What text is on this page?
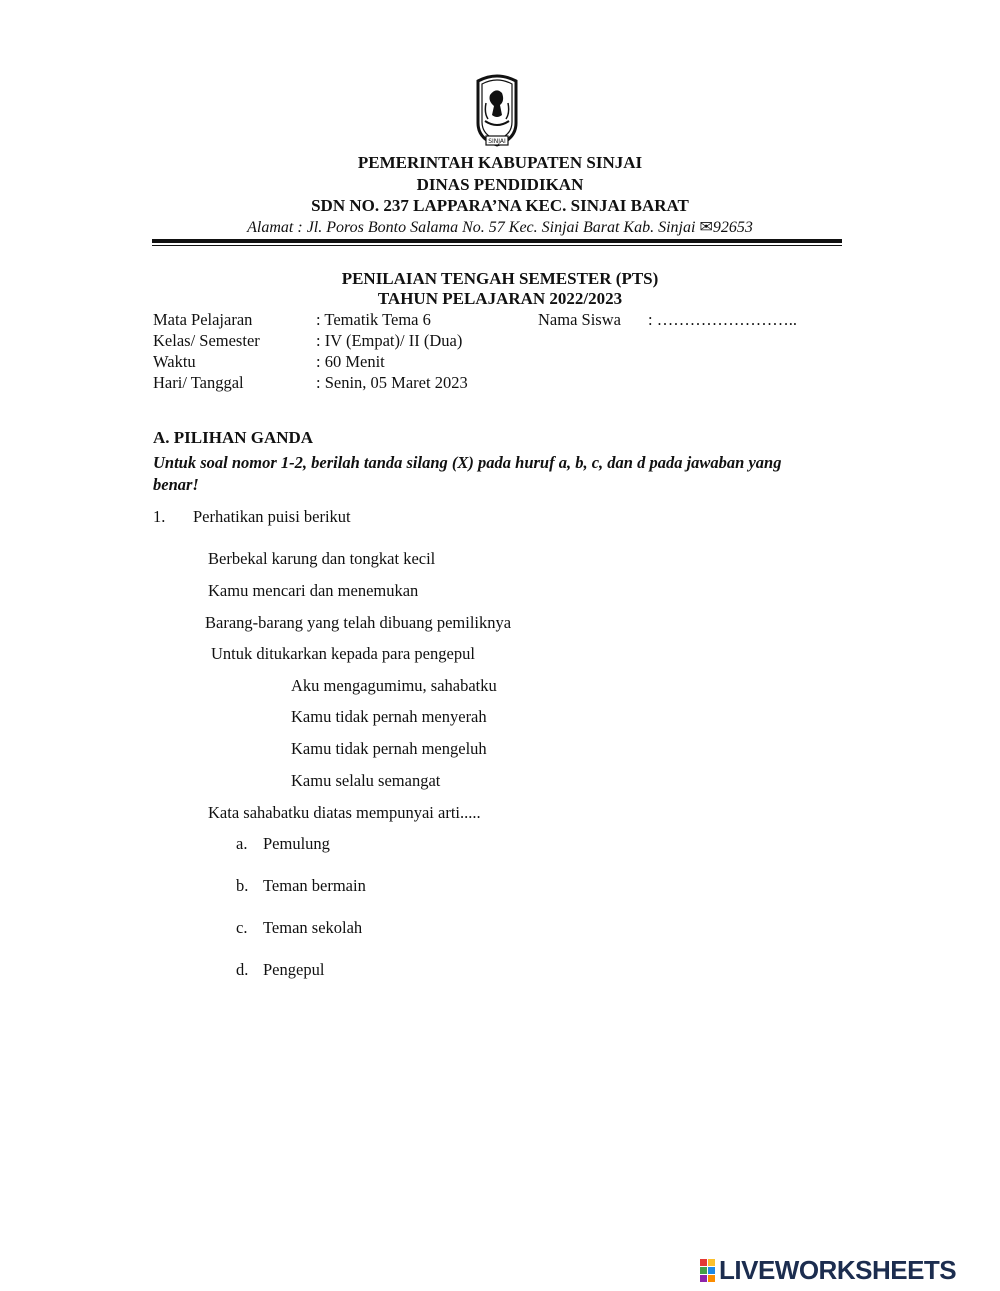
SINJAI
PEMERINTAH KABUPATEN SINJAI
DINAS PENDIDIKAN
SDN NO. 237 LAPPARA’NA KEC. SINJAI BARAT
Alamat : Jl. Poros Bonto Salama No. 57 Kec. Sinjai Barat Kab. Sinjai ✉92653
PENILAIAN TENGAH SEMESTER (PTS)
TAHUN PELAJARAN 2022/2023
Mata Pelajaran	: Tematik Tema 6	Nama Siswa : ……………………..
Kelas/ Semester	: IV (Empat)/ II (Dua)
Waktu	: 60 Menit
Hari/ Tanggal	: Senin, 05 Maret 2023
A. PILIHAN GANDA
Untuk soal nomor 1-2, berilah tanda silang (X) pada huruf a, b, c, dan d pada jawaban yang
benar!
1. Perhatikan puisi berikut
Berbekal karung dan tongkat kecil
Kamu mencari dan menemukan
Barang-barang yang telah dibuang pemiliknya
Untuk ditukarkan kepada para pengepul
Aku mengagumimu, sahabatku
Kamu tidak pernah menyerah
Kamu tidak pernah mengeluh
Kamu selalu semangat
Kata sahabatku diatas mempunyai arti.....
a. Pemulung
b. Teman bermain
c. Teman sekolah
d. Pengepul
LIVEWORKSHEETS
